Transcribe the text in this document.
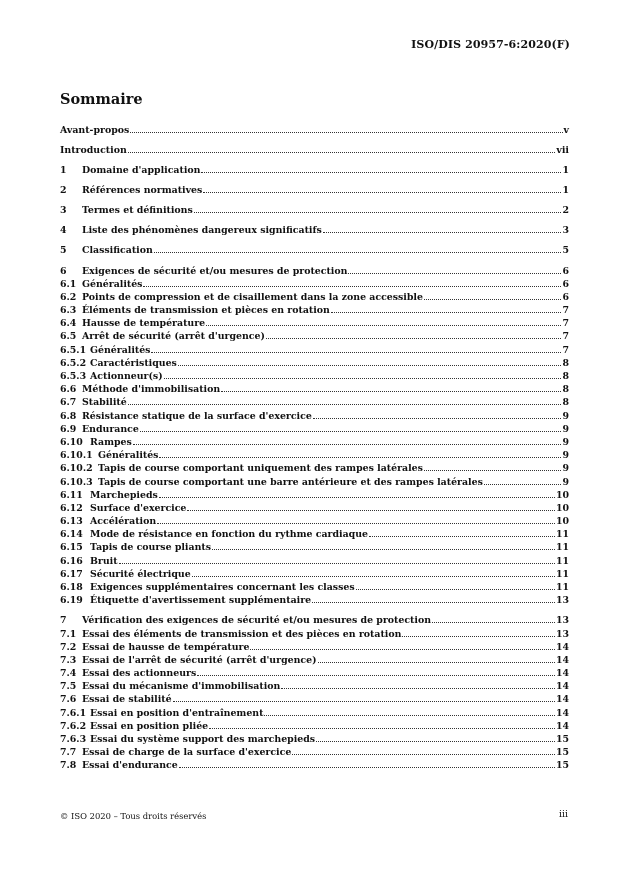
ISO/DIS 20957-6:2020(F)
Sommaire
Avant-propos	v
Introduction	vii
1	Domaine d'application	1
2	Références normatives	1
3	Termes et définitions	2
4	Liste des phénomènes dangereux significatifs	3
5	Classification	5
6	Exigences de sécurité et/ou mesures de protection	6
6.1 Généralités	6
6.2 Points de compression et de cisaillement dans la zone accessible	6
6.3 Éléments de transmission et pièces en rotation	7
6.4 Hausse de température	7
6.5 Arrêt de sécurité (arrêt d'urgence)	7
6.5.1 Généralités	7
6.5.2 Caractéristiques	8
6.5.3 Actionneur(s)	8
6.6 Méthode d'immobilisation	8
6.7 Stabilité	8
6.8 Résistance statique de la surface d'exercice	9
6.9 Endurance	9
6.10 Rampes	9
6.10.1 Généralités	9
6.10.2 Tapis de course comportant uniquement des rampes latérales	9
6.10.3 Tapis de course comportant une barre antérieure et des rampes latérales	9
6.11 Marchepieds	10
6.12 Surface d'exercice	10
6.13 Accélération	10
6.14 Mode de résistance en fonction du rythme cardiaque	11
6.15 Tapis de course pliants	11
6.16 Bruit	11
6.17 Sécurité électrique	11
6.18 Exigences supplémentaires concernant les classes	11
6.19 Étiquette d'avertissement supplémentaire	13
7	Vérification des exigences de sécurité et/ou mesures de protection	13
7.1 Essai des éléments de transmission et des pièces en rotation	13
7.2 Essai de hausse de température	14
7.3 Essai de l'arrêt de sécurité (arrêt d'urgence)	14
7.4 Essai des actionneurs	14
7.5 Essai du mécanisme d'immobilisation	14
7.6 Essai de stabilité	14
7.6.1 Essai en position d'entraînement	14
7.6.2 Essai en position pliée	14
7.6.3 Essai du système support des marchepieds	15
7.7 Essai de charge de la surface d'exercice	15
7.8 Essai d'endurance	15
© ISO 2020 – Tous droits réservés	iii
